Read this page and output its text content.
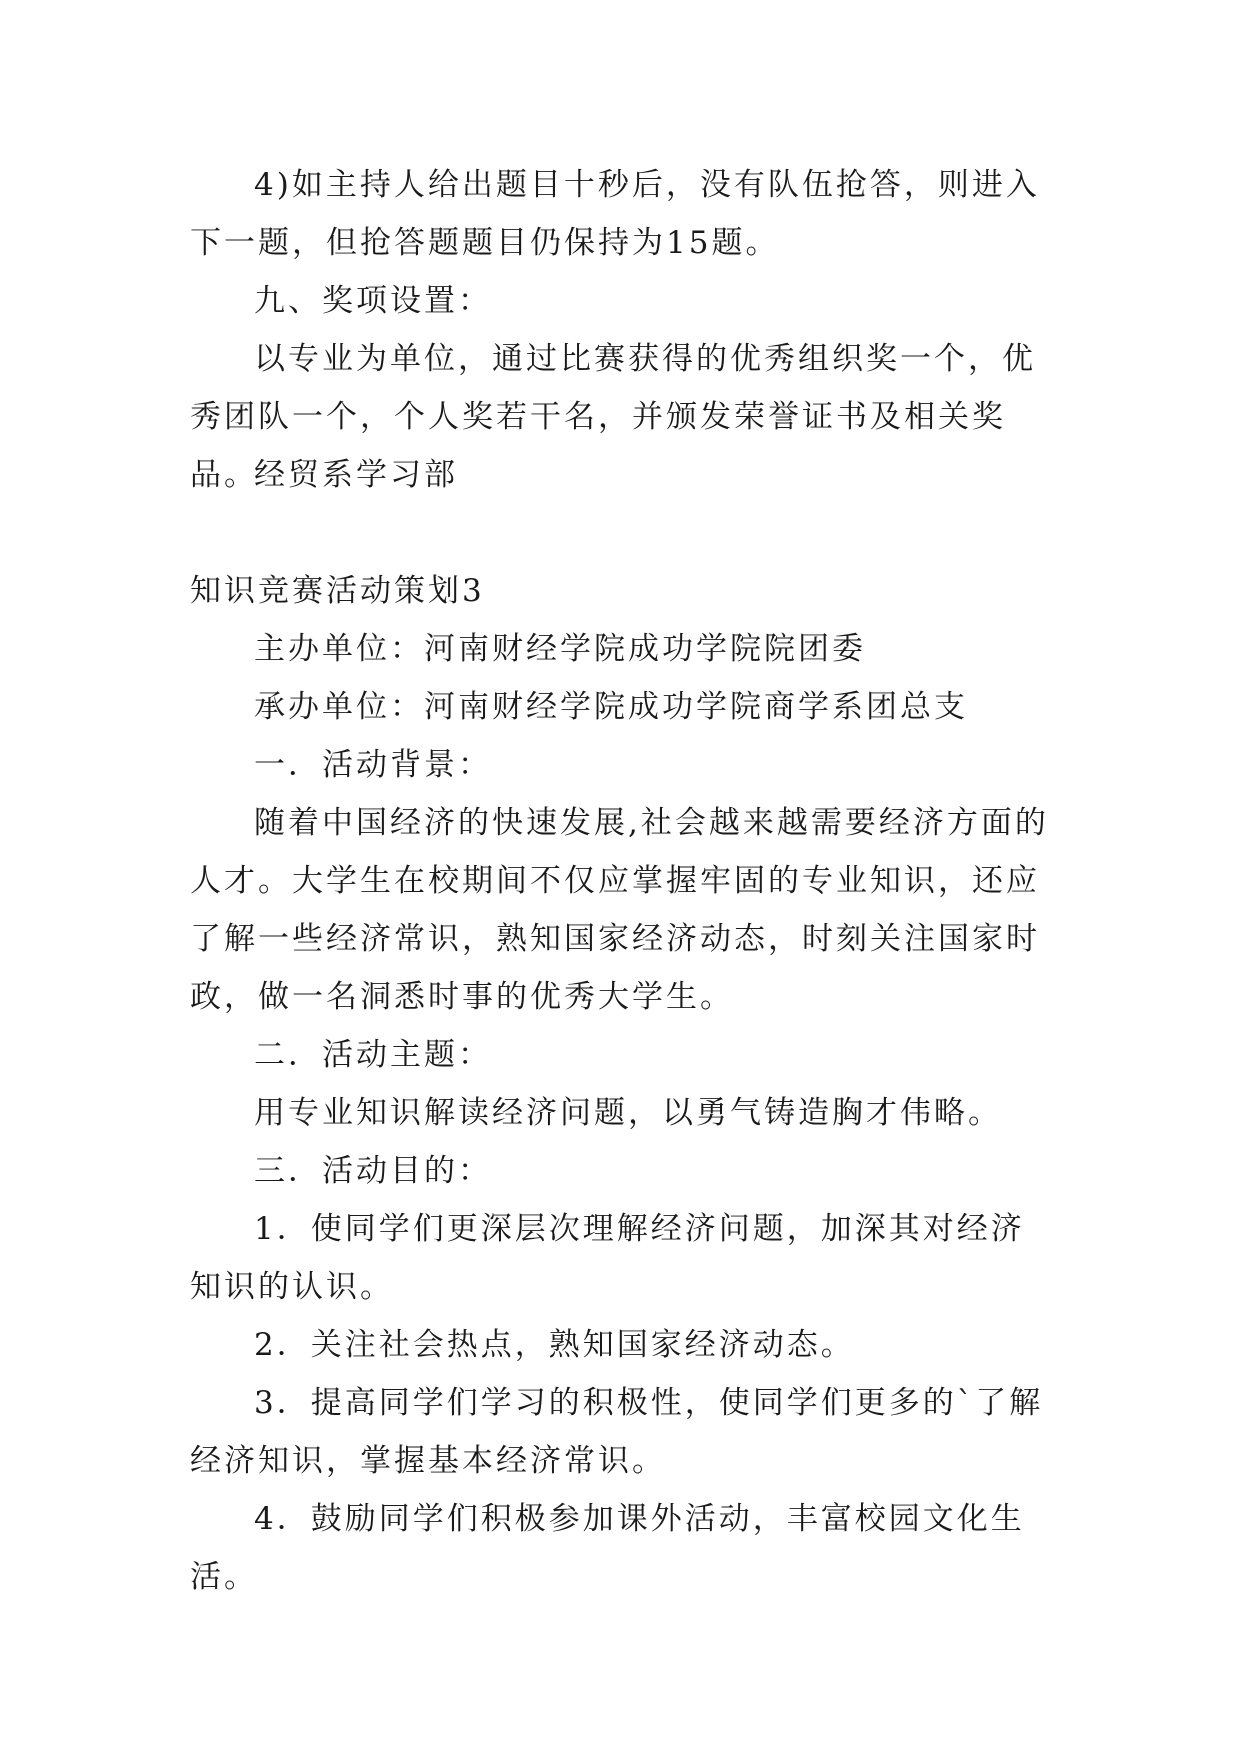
4)如主持人给出题目十秒后，没有队伍抢答，则进入下一题，但抢答题题目仍保持为15题。

九、奖项设置：

以专业为单位，通过比赛获得的优秀组织奖一个，优秀团队一个，个人奖若干名，并颁发荣誉证书及相关奖品。

经贸系学习部

知识竞赛活动策划3

主办单位：河南财经学院成功学院院团委

承办单位：河南财经学院成功学院商学系团总支

一．活动背景：

随着中国经济的快速发展,社会越来越需要经济方面的人才。大学生在校期间不仅应掌握牢固的专业知识，还应了解一些经济常识，熟知国家经济动态，时刻关注国家时政，做一名洞悉时事的优秀大学生。

二．活动主题：

用专业知识解读经济问题，以勇气铸造胸才伟略。

三．活动目的：

1．使同学们更深层次理解经济问题，加深其对经济知识的认识。

2．关注社会热点，熟知国家经济动态。

3．提高同学们学习的积极性，使同学们更多的`了解经济知识，掌握基本经济常识。

4．鼓励同学们积极参加课外活动，丰富校园文化生活。
